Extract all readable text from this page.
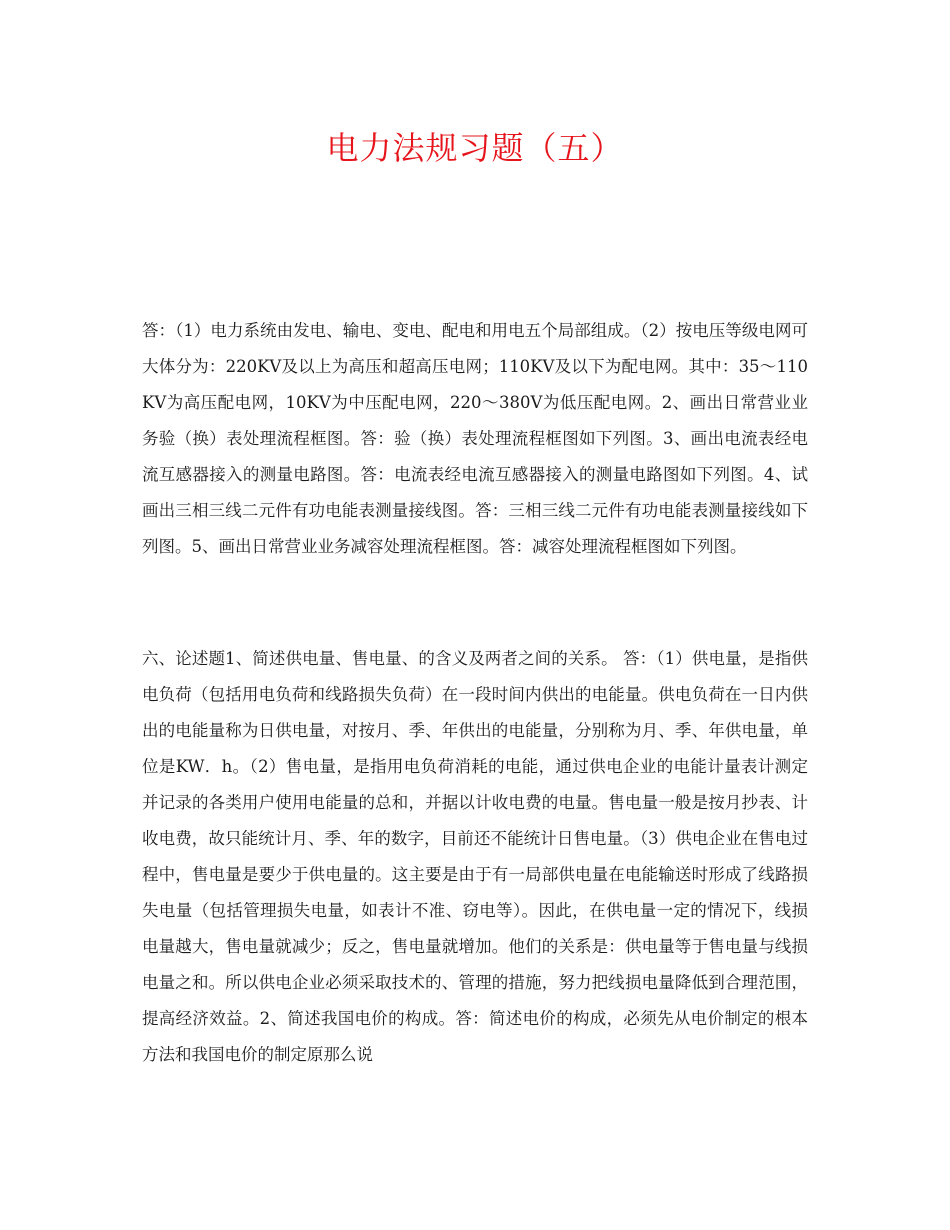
电力法规习题（五）

答：（1）电力系统由发电、输电、变电、配电和用电五个局部组成。（2）按电压等级电网可大体分为：220KV及以上为高压和超高压电网；110KV及以下为配电网。其中：35～110KV为高压配电网，10KV为中压配电网，220～380V为低压配电网。2、画出日常营业业务验（换）表处理流程框图。答：验（换）表处理流程框图如下列图。3、画出电流表经电流互感器接入的测量电路图。答：电流表经电流互感器接入的测量电路图如下列图。4、试画出三相三线二元件有功电能表测量接线图。答：三相三线二元件有功电能表测量接线如下列图。5、画出日常营业业务减容处理流程框图。答：减容处理流程框图如下列图。

六、论述题1、简述供电量、售电量、的含义及两者之间的关系。 答：（1）供电量，是指供电负荷（包括用电负荷和线路损失负荷）在一段时间内供出的电能量。供电负荷在一日内供出的电能量称为日供电量，对按月、季、年供出的电能量，分别称为月、季、年供电量，单位是KW．h。（2）售电量，是指用电负荷消耗的电能，通过供电企业的电能计量表计测定并记录的各类用户使用电能量的总和，并据以计收电费的电量。售电量一般是按月抄表、计收电费，故只能统计月、季、年的数字，目前还不能统计日售电量。（3）供电企业在售电过程中，售电量是要少于供电量的。这主要是由于有一局部供电量在电能输送时形成了线路损失电量（包括管理损失电量，如表计不准、窃电等）。因此，在供电量一定的情况下，线损电量越大，售电量就减少；反之，售电量就增加。他们的关系是：供电量等于售电量与线损电量之和。所以供电企业必须采取技术的、管理的措施，努力把线损电量降低到合理范围，提高经济效益。2、简述我国电价的构成。答：简述电价的构成，必须先从电价制定的根本方法和我国电价的制定原那么说
